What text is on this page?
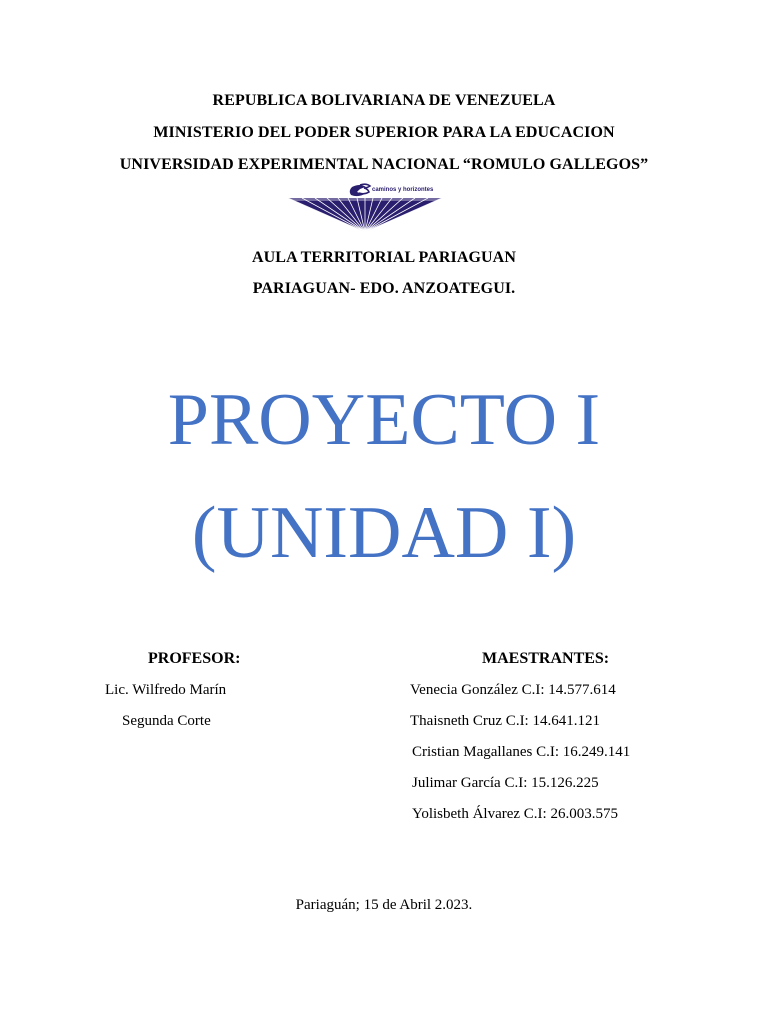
REPUBLICA BOLIVARIANA DE VENEZUELA
MINISTERIO DEL PODER SUPERIOR PARA LA EDUCACION
UNIVERSIDAD EXPERIMENTAL NACIONAL “ROMULO GALLEGOS”
caminos y horizontes
AULA TERRITORIAL PARIAGUAN
PARIAGUAN- EDO. ANZOATEGUI.
PROYECTO I
(UNIDAD I)
PROFESOR:
Lic. Wilfredo Marín
Segunda Corte
MAESTRANTES:
Venecia González C.I: 14.577.614
Thaisneth Cruz C.I: 14.641.121
Cristian Magallanes C.I: 16.249.141
Julimar García C.I: 15.126.225
Yolisbeth Álvarez C.I: 26.003.575
Pariaguán; 15 de Abril 2.023.
